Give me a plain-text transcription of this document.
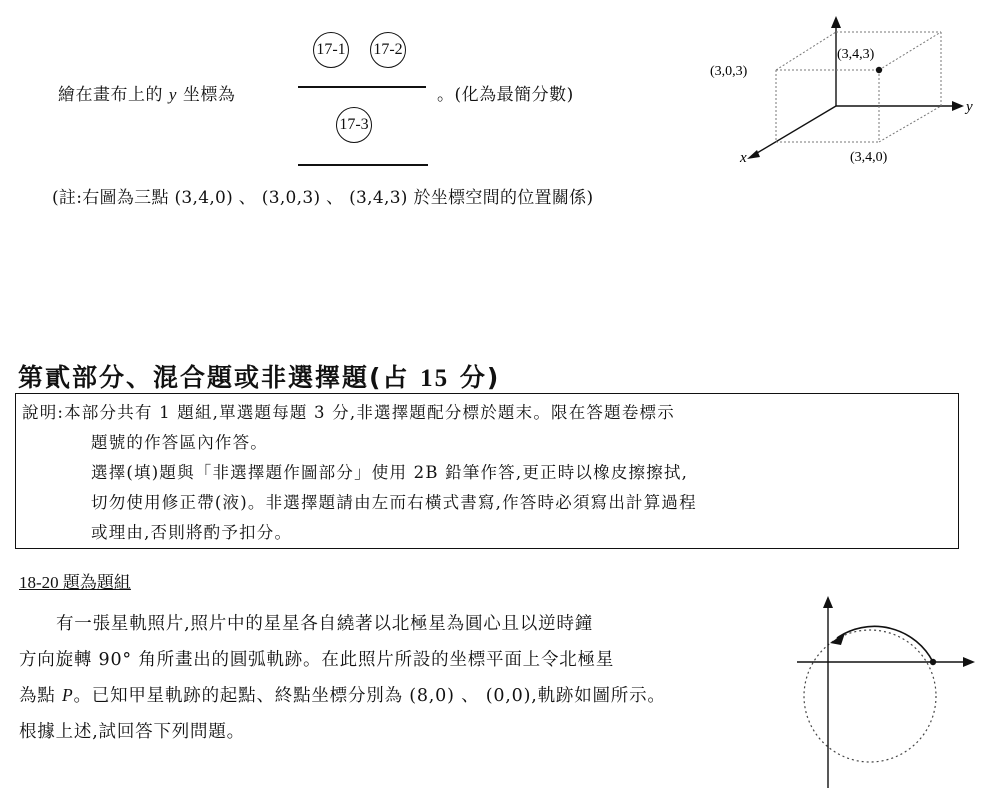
繪在畫布上的 y 坐標為
17-1 17-2
17-3
。(化為最簡分數)
(註:右圖為三點 (3,4,0) 、 (3,0,3) 、 (3,4,3) 於坐標空間的位置關係)
(3,4,3)
(3,0,3)
(3,4,0)
x
y
第貳部分、混合題或非選擇題(占 15 分)
說明:本部分共有 1 題組,單選題每題 3 分,非選擇題配分標於題末。限在答題卷標示
題號的作答區內作答。
選擇(填)題與「非選擇題作圖部分」使用 2B 鉛筆作答,更正時以橡皮擦擦拭,
切勿使用修正帶(液)。非選擇題請由左而右橫式書寫,作答時必須寫出計算過程
或理由,否則將酌予扣分。
18-20 題為題組
有一張星軌照片,照片中的星星各自繞著以北極星為圓心且以逆時鐘
方向旋轉 90° 角所畫出的圓弧軌跡。在此照片所設的坐標平面上令北極星
為點 P。已知甲星軌跡的起點、終點坐標分別為 (8,0) 、 (0,0),軌跡如圖所示。
根據上述,試回答下列問題。
